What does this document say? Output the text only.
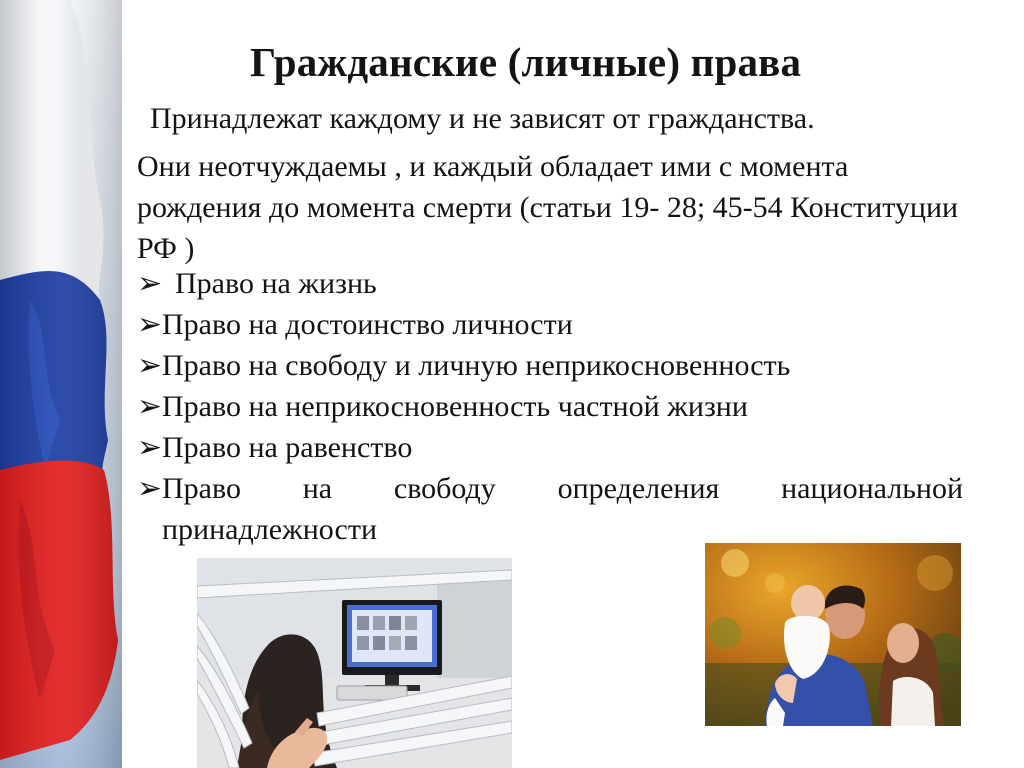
Гражданские (личные) права
Принадлежат каждому и не зависят от гражданства.
Они неотчуждаемы , и каждый обладает ими с момента рождения до момента смерти (статьи 19- 28; 45-54 Конституции РФ )
➢ Право на жизнь
➢ Право на достоинство личности
➢ Право на свободу и личную неприкосновенность
➢ Право на неприкосновенность частной жизни
➢ Право на равенство
➢ Право на свободу определения национальной принадлежности
